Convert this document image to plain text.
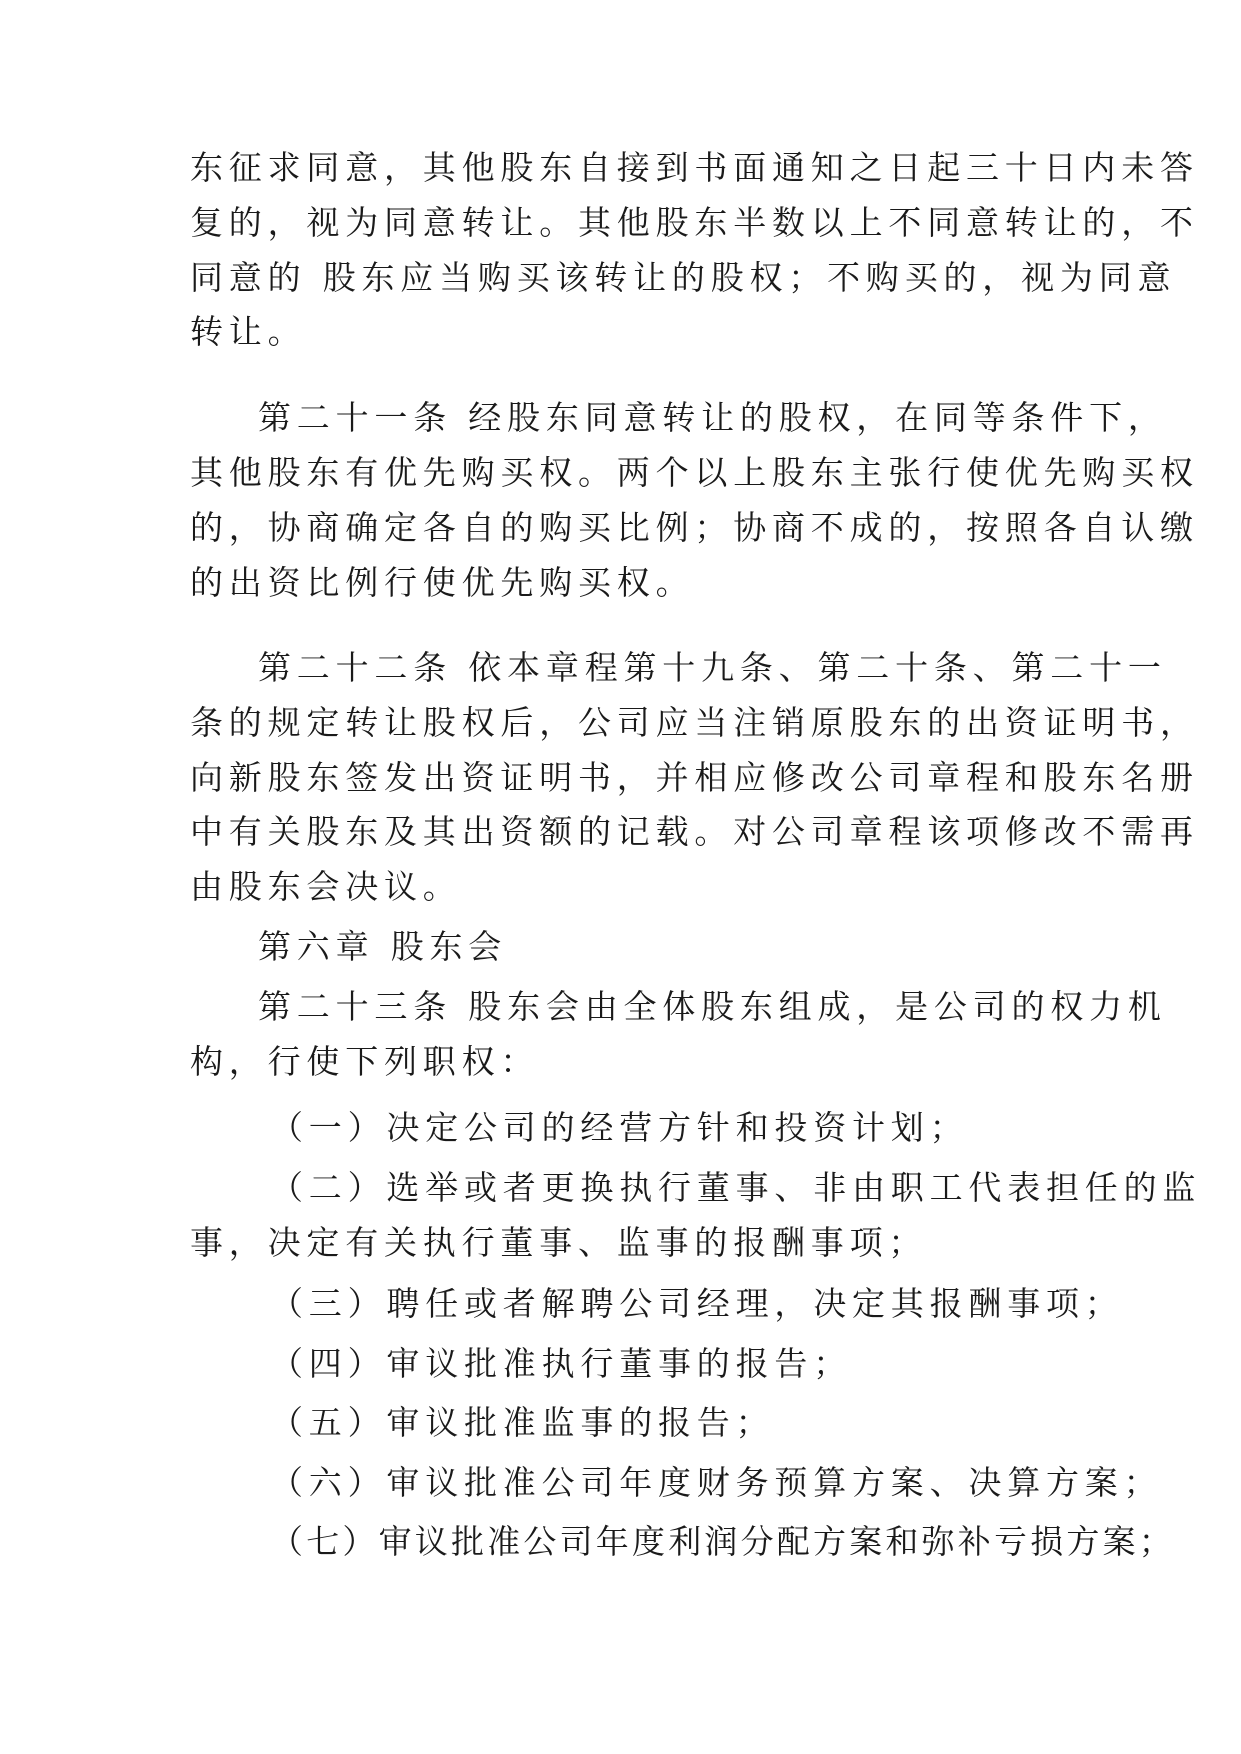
东征求同意，其他股东自接到书面通知之日起三十日内未答
复的，视为同意转让。其他股东半数以上不同意转让的，不
同意的 股东应当购买该转让的股权；不购买的，视为同意
转让。
第二十一条 经股东同意转让的股权，在同等条件下，
其他股东有优先购买权。两个以上股东主张行使优先购买权
的，协商确定各自的购买比例；协商不成的，按照各自认缴
的出资比例行使优先购买权。
第二十二条 依本章程第十九条、第二十条、第二十一
条的规定转让股权后，公司应当注销原股东的出资证明书，
向新股东签发出资证明书，并相应修改公司章程和股东名册
中有关股东及其出资额的记载。对公司章程该项修改不需再
由股东会决议。
第六章 股东会
第二十三条 股东会由全体股东组成，是公司的权力机
构，行使下列职权：
（一）决定公司的经营方针和投资计划；
（二）选举或者更换执行董事、非由职工代表担任的监
事，决定有关执行董事、监事的报酬事项；
（三）聘任或者解聘公司经理，决定其报酬事项；
（四）审议批准执行董事的报告；
（五）审议批准监事的报告；
（六）审议批准公司年度财务预算方案、决算方案；
（七）审议批准公司年度利润分配方案和弥补亏损方案；
